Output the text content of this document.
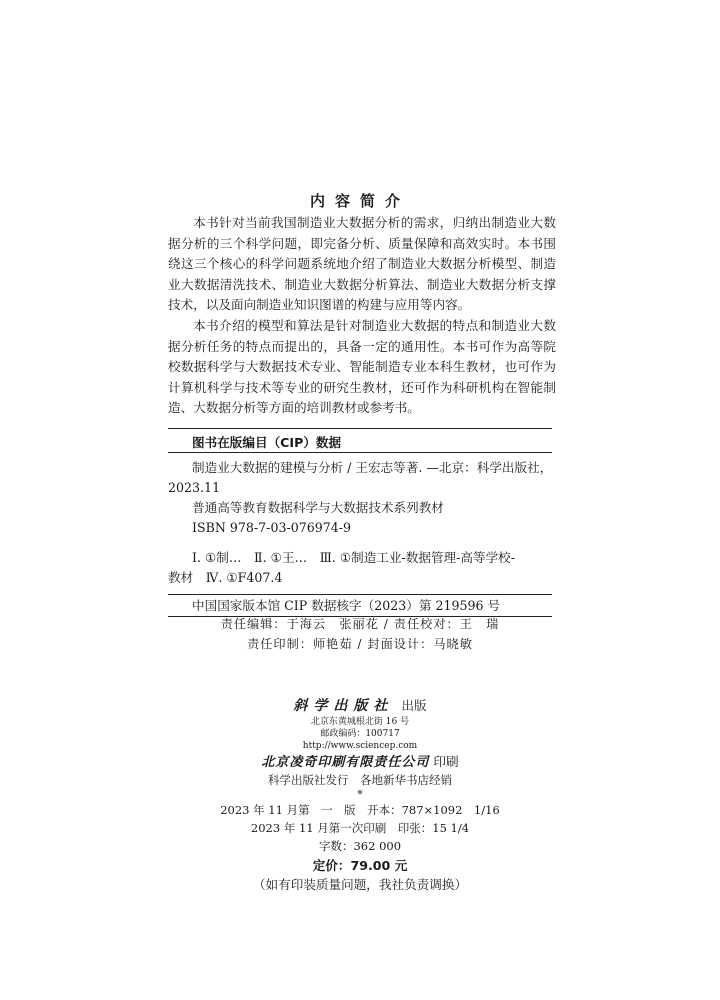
内容简介

本书针对当前我国制造业大数据分析的需求，归纳出制造业大数据分析的三个科学问题，即完备分析、质量保障和高效实时。本书围绕这三个核心的科学问题系统地介绍了制造业大数据分析模型、制造业大数据清洗技术、制造业大数据分析算法、制造业大数据分析支撑技术，以及面向制造业知识图谱的构建与应用等内容。

本书介绍的模型和算法是针对制造业大数据的特点和制造业大数据分析任务的特点而提出的，具备一定的通用性。本书可作为高等院校数据科学与大数据技术专业、智能制造专业本科生教材，也可作为计算机科学与技术等专业的研究生教材，还可作为科研机构在智能制造、大数据分析等方面的培训教材或参考书。

图书在版编目（CIP）数据
制造业大数据的建模与分析 / 王宏志等著. —北京：科学出版社，
2023.11
普通高等教育数据科学与大数据技术系列教材
ISBN 978-7-03-076974-9
Ⅰ. ①制…　Ⅱ. ①王…　Ⅲ. ①制造工业-数据管理-高等学校-
教材　Ⅳ. ①F407.4
中国国家版本馆 CIP 数据核字（2023）第 219596 号
责任编辑：于海云　张丽花 / 责任校对：王　瑞
责任印制：师艳茹 / 封面设计：马晓敏
斜学出版社 出版
北京东黄城根北街 16 号
邮政编码：100717
http://www.sciencep.com
北京凌奇印刷有限责任公司 印刷
科学出版社发行　各地新华书店经销
*
2023 年 11 月第　一　版　开本：787×1092　1/16
2023 年 11 月第一次印刷　印张：15 1/4
字数：362 000
定价：79.00 元
（如有印装质量问题，我社负责调换）
